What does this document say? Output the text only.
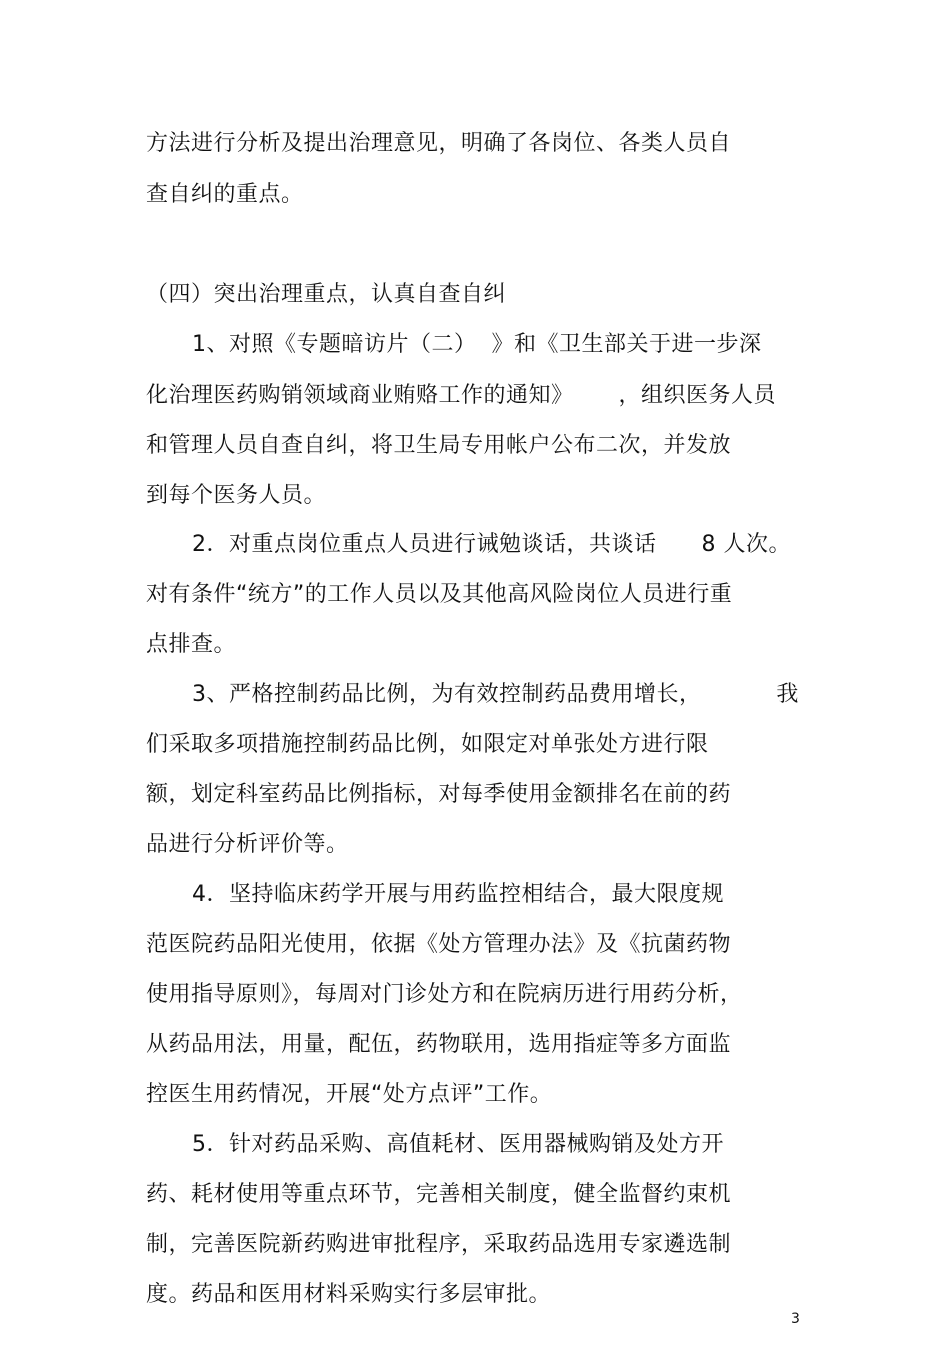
方法进行分析及提出治理意见，明确了各岗位、各类人员自
查自纠的重点。
（四）突出治理重点，认真自查自纠
1、对照《专题暗访片（二）  》和《卫生部关于进一步深
化治理医药购销领域商业贿赂工作的通知》      ，组织医务人员
和管理人员自查自纠，将卫生局专用帐户公布二次，并发放
到每个医务人员。
2．对重点岗位重点人员进行诫勉谈话，共谈话      8 人次。
对有条件“统方”的工作人员以及其他高风险岗位人员进行重
点排查。
3、严格控制药品比例，为有效控制药品费用增长，          我
们采取多项措施控制药品比例，如限定对单张处方进行限
额，划定科室药品比例指标，对每季使用金额排名在前的药
品进行分析评价等。
4．坚持临床药学开展与用药监控相结合，最大限度规
范医院药品阳光使用，依据《处方管理办法》及《抗菌药物
使用指导原则》，每周对门诊处方和在院病历进行用药分析，
从药品用法，用量，配伍，药物联用，选用指症等多方面监
控医生用药情况，开展“处方点评”工作。
5．针对药品采购、高值耗材、医用器械购销及处方开
药、耗材使用等重点环节，完善相关制度，健全监督约束机
制，完善医院新药购进审批程序，采取药品选用专家遴选制
度。药品和医用材料采购实行多层审批。
3
